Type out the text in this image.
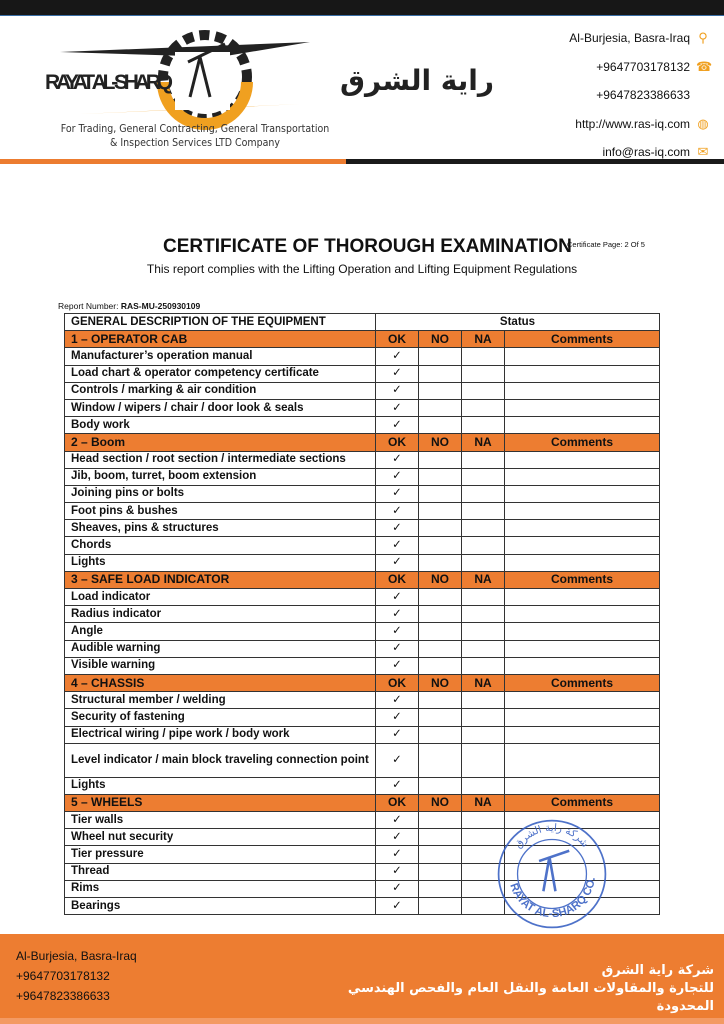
RAYAT AL-SHARQ	راية الشرق
For Trading, General Contracting, General Transportation
& Inspection Services LTD Company
Al-Burjesia, Basra-Iraq ⚲
+9647703178132 ☎
+9647823386633
http://www.ras-iq.com ◍
info@ras-iq.com ✉
CERTIFICATE OF THOROUGH EXAMINATION
Certificate Page: 2 Of 5
This report complies with the Lifting Operation and Lifting Equipment Regulations
Report Number: RAS-MU-250930109
GENERAL DESCRIPTION OF THE EQUIPMENT	Status			
1 – OPERATOR CAB	OK	NO	NA	Comments
Manufacturer’s operation manual	✓			
Load chart & operator competency certificate	✓			
Controls / marking & air condition	✓			
Window / wipers / chair / door look & seals	✓			
Body work	✓			
2 – Boom	OK	NO	NA	Comments
Head section / root section / intermediate sections	✓			
Jib, boom, turret, boom extension	✓			
Joining pins or bolts	✓			
Foot pins & bushes	✓			
Sheaves, pins & structures	✓			
Chords	✓			
Lights	✓			
3 – SAFE LOAD INDICATOR	OK	NO	NA	Comments
Load indicator	✓			
Radius indicator	✓			
Angle	✓			
Audible warning	✓			
Visible warning	✓			
4 – CHASSIS	OK	NO	NA	Comments
Structural member / welding	✓			
Security of fastening	✓			
Electrical wiring / pipe work / body work	✓			
Level indicator / main block traveling connection point	✓			
Lights	✓			
5 – WHEELS	OK	NO	NA	Comments
Tier walls	✓			
Wheel nut security	✓			
Tier pressure	✓			
Thread	✓			
Rims	✓			
Bearings	✓			
Al-Burjesia, Basra-Iraq
+9647703178132
+9647823386633
شركة راية الشرق
للتجارة والمقاولات العامة والنقل العام والفحص الهندسي
المحدودة
RAYAT AL-SHARQ CO.
شركة راية الشرق
